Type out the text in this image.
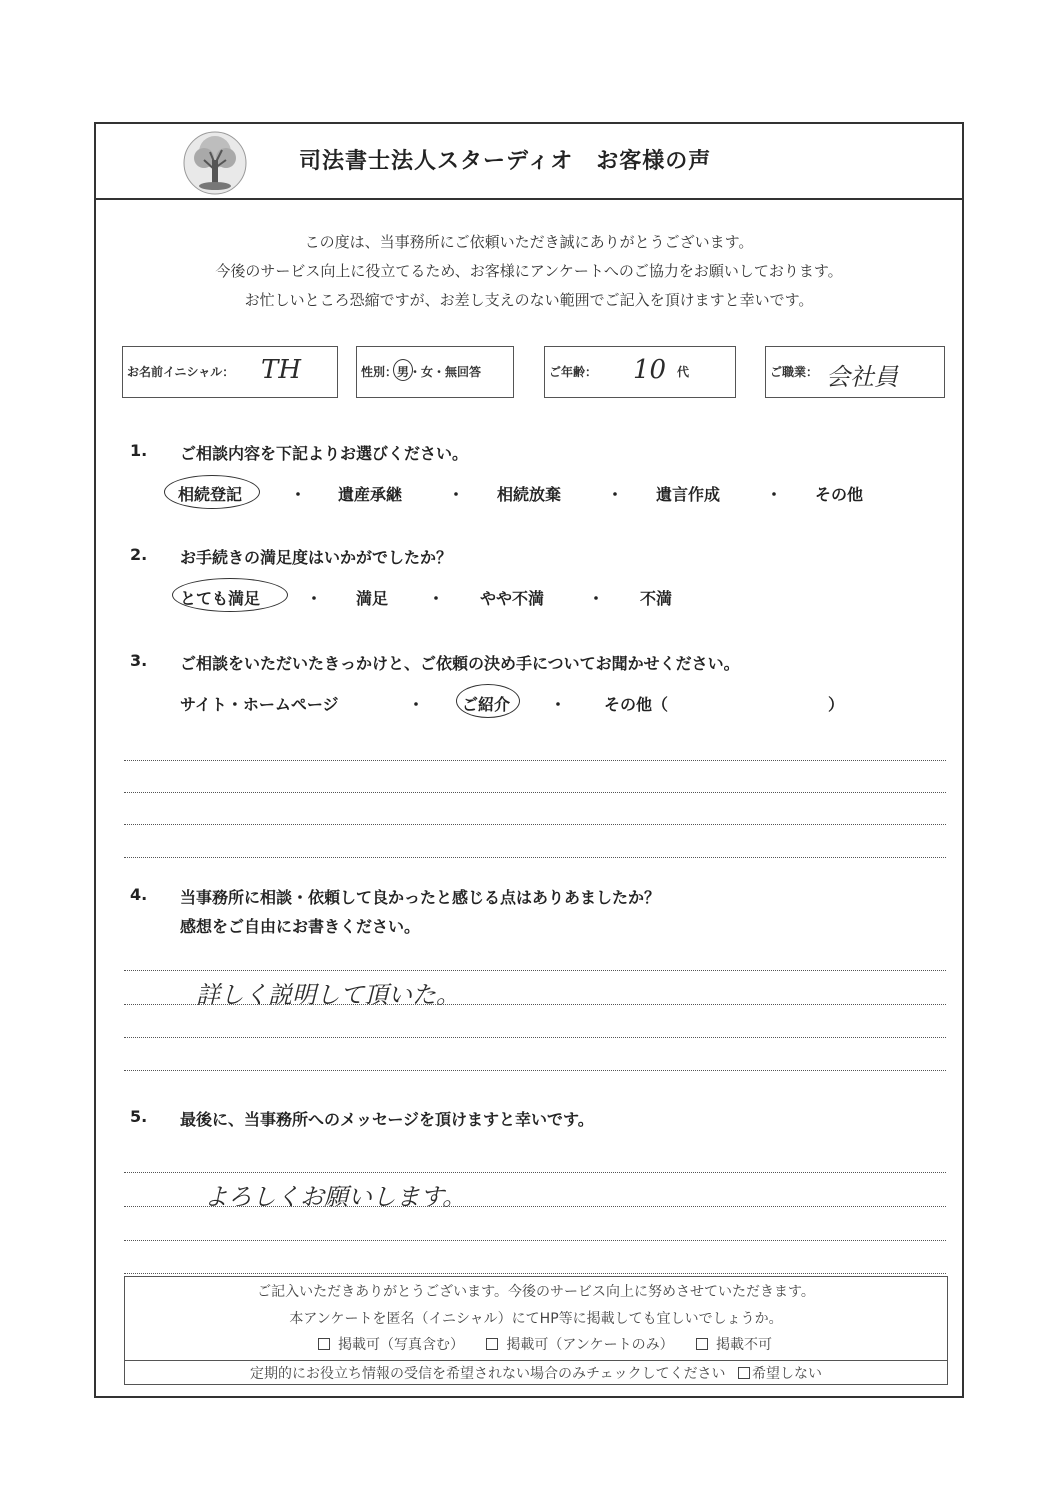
司法書士法人スターディオ　お客様の声
この度は、当事務所にご依頼いただき誠にありがとうございます。
今後のサービス向上に役立てるため、お客様にアンケートへのご協力をお願いしております。
お忙しいところ恐縮ですが、お差し支えのない範囲でご記入を頂けますと幸いです。
お名前イニシャル： TH	性別： 男・女・無回答	ご年齢： 10 代	ご職業： 会社員
1. ご相談内容を下記よりお選びください。
相続登記	・ 遺産承継	・ 相続放棄	・ 遺言作成	・ その他
2. お手続きの満足度はいかがでしたか？
とても満足	・ 満足 ・ やや不満	・ 不満
3. ご相談をいただいたきっかけと、ご依頼の決め手についてお聞かせください。
サイト・ホームページ	・ ご紹介 ・ その他（	）
4. 当事務所に相談・依頼して良かったと感じる点はありあましたか？
感想をご自由にお書きください。
詳しく説明して頂いた。
5. 最後に、当事務所へのメッセージを頂けますと幸いです。
よろしくお願いします。
ご記入いただきありがとうございます。今後のサービス向上に努めさせていただきます。
本アンケートを匿名（イニシャル）にてHP等に掲載しても宜しいでしょうか。
掲載可（写真含む）	掲載可（アンケートのみ）	掲載不可
定期的にお役立ち情報の受信を希望されない場合のみチェックしてください 希望しない
